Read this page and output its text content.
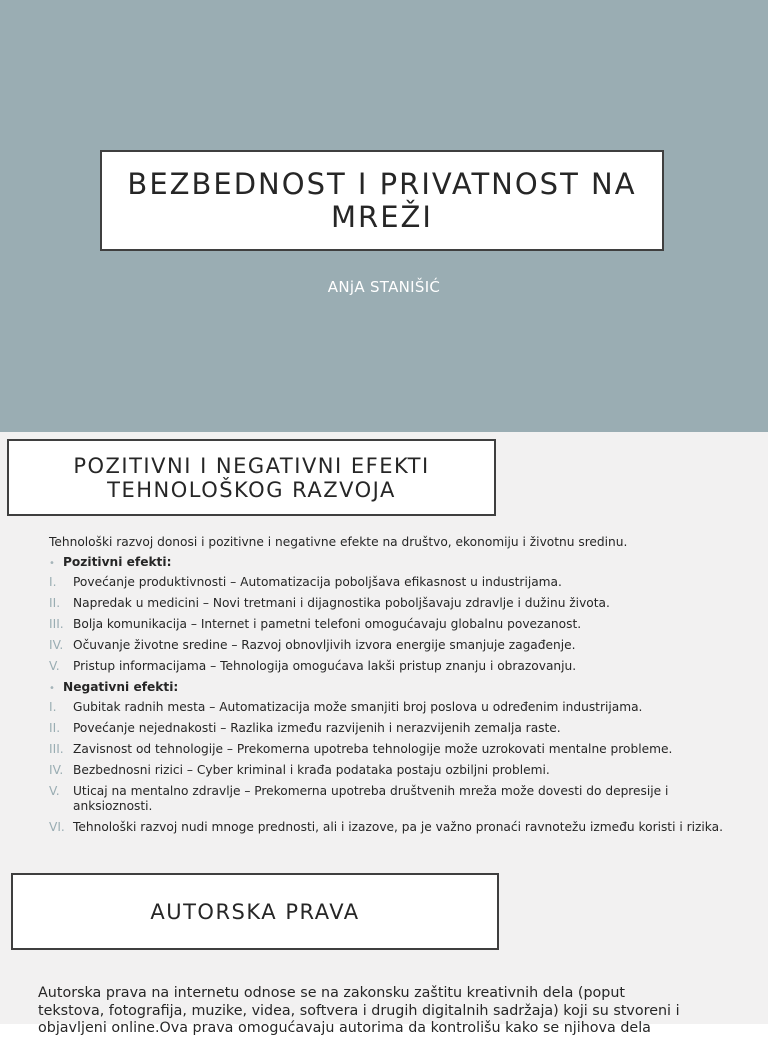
BEZBEDNOST I PRIVATNOST NA
MREŽI
ANjA STANIŠIĆ
POZITIVNI I NEGATIVNI EFEKTI
TEHNOLOŠKOG RAZVOJA

Tehnološki razvoj donosi i pozitivne i negativne efekte na društvo, ekonomiju i životnu sredinu.

• Pozitivni efekti:
I.	Povećanje produktivnosti – Automatizacija poboljšava efikasnost u industrijama.
II.	Napredak u medicini – Novi tretmani i dijagnostika poboljšavaju zdravlje i dužinu života.
III. Bolja komunikacija – Internet i pametni telefoni omogućavaju globalnu povezanost.
IV. Očuvanje životne sredine – Razvoj obnovljivih izvora energije smanjuje zagađenje.
V.	Pristup informacijama – Tehnologija omogućava lakši pristup znanju i obrazovanju.
• Negativni efekti:
I.	Gubitak radnih mesta – Automatizacija može smanjiti broj poslova u određenim industrijama.
II.	Povećanje nejednakosti – Razlika između razvijenih i nerazvijenih zemalja raste.
III. Zavisnost od tehnologije – Prekomerna upotreba tehnologije može uzrokovati mentalne probleme.
IV. Bezbednosni rizici – Cyber kriminal i krađa podataka postaju ozbiljni problemi.
V.	Uticaj na mentalno zdravlje – Prekomerna upotreba društvenih mreža može dovesti do depresije i anksioznosti.
VI. Tehnološki razvoj nudi mnoge prednosti, ali i izazove, pa je važno pronaći ravnotežu između koristi i rizika.
AUTORSKA PRAVA

Autorska prava na internetu odnose se na zakonsku zaštitu kreativnih dela (poput tekstova, fotografija, muzike, videa, softvera i drugih digitalnih sadržaja) koji su stvoreni i objavljeni online.Ova prava omogućavaju autorima da kontrolišu kako se njihova dela
